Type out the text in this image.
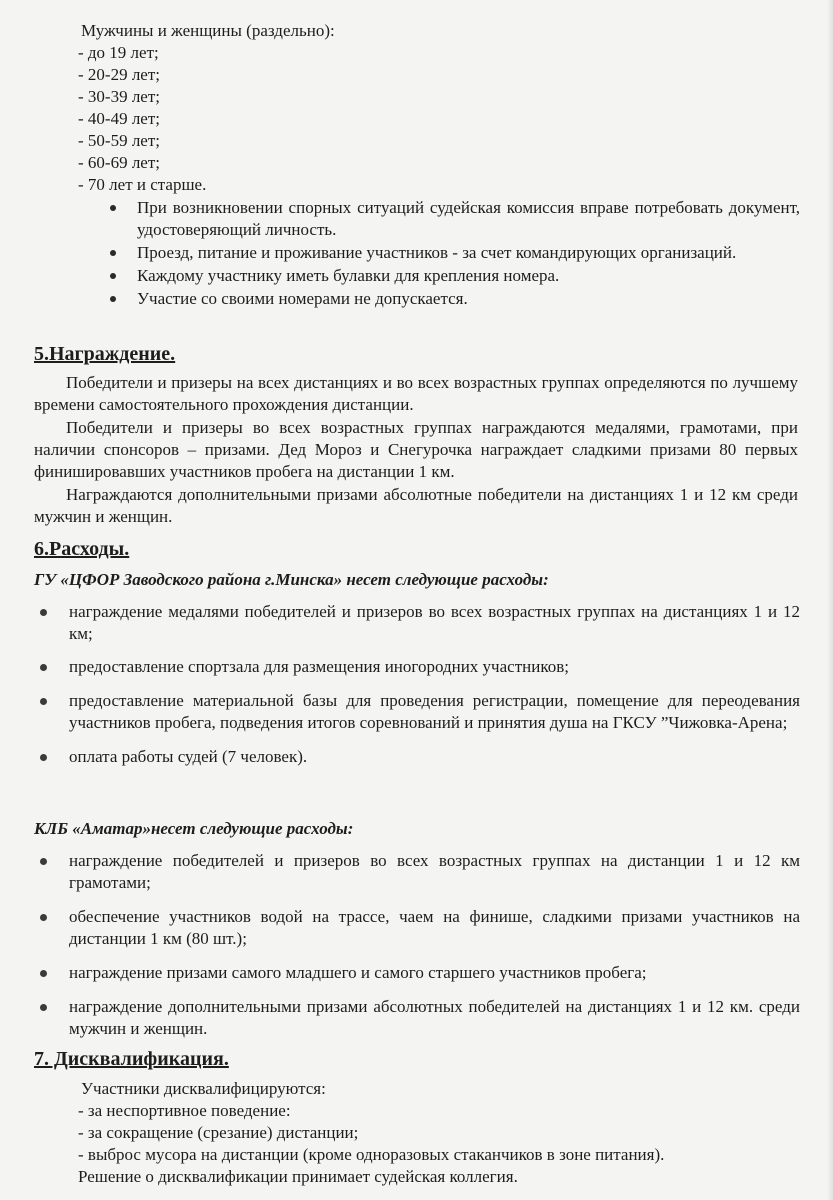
Мужчины и женщины (раздельно):

- до 19 лет;

- 20-29 лет;

- 30-39 лет;

- 40-49 лет;

- 50-59 лет;

- 60-69 лет;

- 70 лет и старше.

При возникновении спорных ситуаций судейская комиссия вправе потребовать документ, удостоверяющий личность.

Проезд, питание и проживание участников - за счет командирующих организаций.

Каждому участнику иметь булавки для крепления номера.

Участие со своими номерами не допускается.

5.Награждение.

Победители и призеры на всех дистанциях и во всех возрастных группах определяются по лучшему времени самостоятельного прохождения дистанции.

Победители и призеры во всех возрастных группах награждаются медалями, грамотами, при наличии спонсоров – призами. Дед Мороз и Снегурочка награждает сладкими призами 80 первых финишировавших участников пробега на дистанции 1 км.

Награждаются дополнительными призами абсолютные победители на дистанциях 1 и 12 км среди мужчин и женщин.

6.Расходы.

ГУ «ЦФОР Заводского района г.Минска» несет следующие расходы:

награждение медалями победителей и призеров во всех возрастных группах на дистанциях 1 и 12 км;

предоставление спортзала для размещения иногородних участников;

предоставление материальной базы для проведения регистрации, помещение для переодевания участников пробега, подведения итогов соревнований и принятия душа на ГКСУ ”Чижовка-Арена;

оплата работы судей (7 человек).

КЛБ «Аматар»несет следующие расходы:

награждение победителей и призеров во всех возрастных группах на дистанции 1 и 12 км грамотами;

обеспечение участников водой на трассе, чаем на финише, сладкими призами участников на дистанции 1 км (80 шт.);

награждение призами самого младшего и самого старшего участников пробега;

награждение дополнительными призами абсолютных победителей на дистанциях 1 и 12 км. среди мужчин и женщин.

7. Дисквалификация.

Участники дисквалифицируются:

- за неспортивное поведение:

- за сокращение (срезание) дистанции;

- выброс мусора на дистанции (кроме одноразовых стаканчиков в зоне питания).

Решение о дисквалификации принимает судейская коллегия.
